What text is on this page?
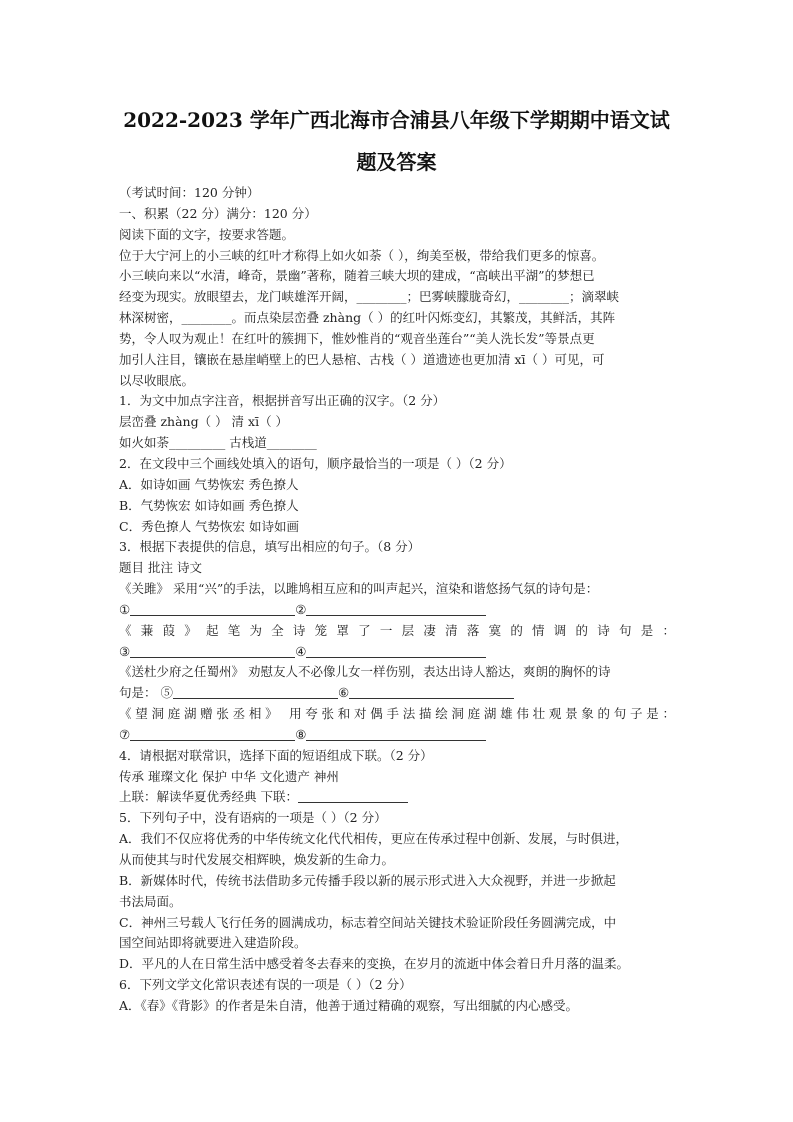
2022-2023 学年广西北海市合浦县八年级下学期期中语文试
题及答案
（考试时间：120 分钟）
一、积累（22 分）满分：120 分）
阅读下面的文字，按要求答题。
位于大宁河上的小三峡的红叶才称得上如火如荼（ ），绚美至极，带给我们更多的惊喜。
小三峡向来以“水清，峰奇，景幽”著称，随着三峡大坝的建成，“高峡出平湖”的梦想已
经变为现实。放眼望去，龙门峡雄浑开阔，________；巴雾峡朦胧奇幻，________；滴翠峡
林深树密，________。而点染层峦叠 zhàng（ ）的红叶闪烁变幻，其繁茂，其鲜活，其阵
势，令人叹为观止！在红叶的簇拥下，惟妙惟肖的“观音坐莲台”“美人洗长发”等景点更
加引人注目，镶嵌在悬崖峭壁上的巴人悬棺、古栈（ ）道遗迹也更加清 xī（ ）可见，可
以尽收眼底。
1．为文中加点字注音，根据拼音写出正确的汉字。（2 分）
层峦叠 zhàng（ ） 清 xī（ ）
如火如荼_________ 古栈道________
2．在文段中三个画线处填入的语句，顺序最恰当的一项是（ ）（2 分）
A．如诗如画 气势恢宏 秀色撩人
B．气势恢宏 如诗如画 秀色撩人
C．秀色撩人 气势恢宏 如诗如画
3．根据下表提供的信息，填写出相应的句子。（8 分）
题目 批注 诗文
《关雎》 采用“兴”的手法，以雎鸠相互应和的叫声起兴，渲染和谐悠扬气氛的诗句是：
①	②
《 蒹 葭 》 起 笔 为 全 诗 笼 罩 了 一 层 凄 清 落 寞 的 情 调 的 诗 句 是 ：
③	④
《送杜少府之任蜀州》 劝慰友人不必像儿女一样伤别，表达出诗人豁达，爽朗的胸怀的诗
句是： ⑤	⑥
《望洞庭湖赠张丞相》 用夸张和对偶手法描绘洞庭湖雄伟壮观景象的句子是：
⑦	⑧
4．请根据对联常识，选择下面的短语组成下联。（2 分）
传承 璀璨文化 保护 中华 文化遗产 神州
上联：解读华夏优秀经典 下联：
5．下列句子中，没有语病的一项是（ ）（2 分）
A．我们不仅应将优秀的中华传统文化代代相传，更应在传承过程中创新、发展，与时俱进，
从而使其与时代发展交相辉映，焕发新的生命力。
B．新媒体时代，传统书法借助多元传播手段以新的展示形式进入大众视野，并进一步掀起
书法局面。
C．神州三号载人飞行任务的圆满成功，标志着空间站关键技术验证阶段任务圆满完成，中
国空间站即将就要进入建造阶段。
D．平凡的人在日常生活中感受着冬去春来的变换，在岁月的流逝中体会着日升月落的温柔。
6．下列文学文化常识表述有误的一项是（ ）（2 分）
A．《春》《背影》的作者是朱自清，他善于通过精确的观察，写出细腻的内心感受。
